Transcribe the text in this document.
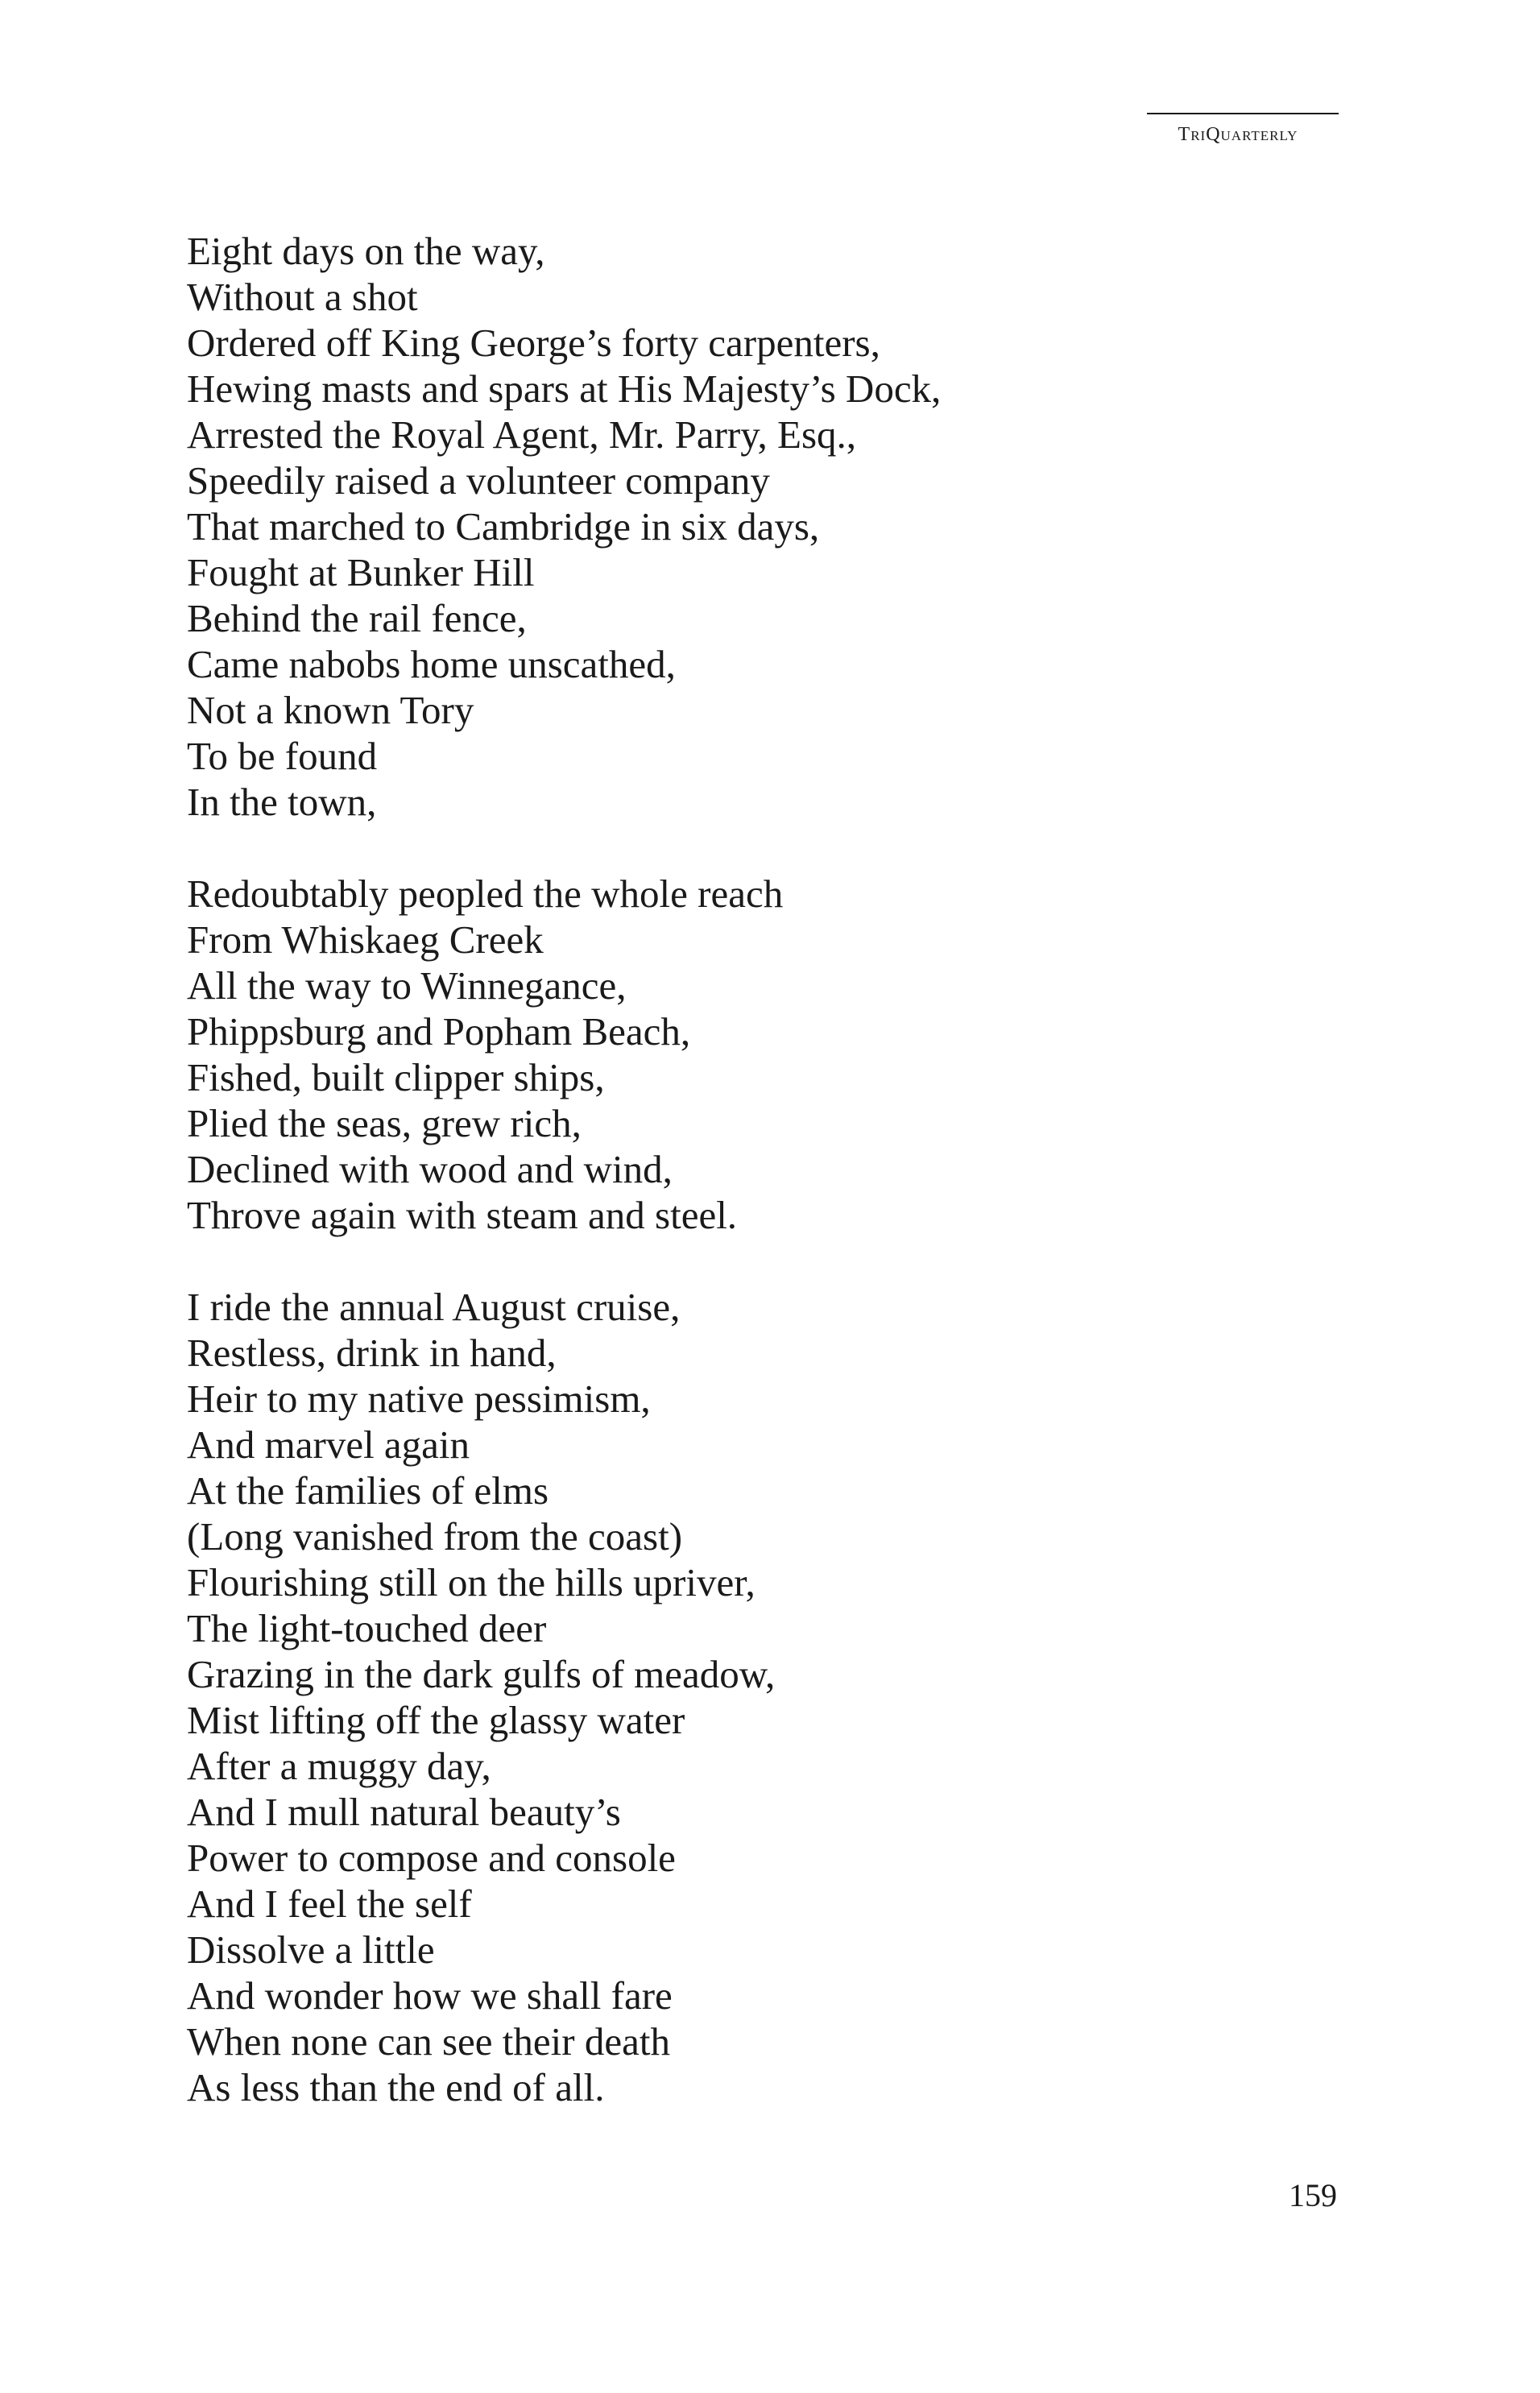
TriQuarterly
Eight days on the way,
Without a shot
Ordered off King George’s forty carpenters,
Hewing masts and spars at His Majesty’s Dock,
Arrested the Royal Agent, Mr. Parry, Esq.,
Speedily raised a volunteer company
That marched to Cambridge in six days,
Fought at Bunker Hill
Behind the rail fence,
Came nabobs home unscathed,
Not a known Tory
To be found
In the town,
Redoubtably peopled the whole reach
From Whiskaeg Creek
All the way to Winnegance,
Phippsburg and Popham Beach,
Fished, built clipper ships,
Plied the seas, grew rich,
Declined with wood and wind,
Throve again with steam and steel.
I ride the annual August cruise,
Restless, drink in hand,
Heir to my native pessimism,
And marvel again
At the families of elms
(Long vanished from the coast)
Flourishing still on the hills upriver,
The light-touched deer
Grazing in the dark gulfs of meadow,
Mist lifting off the glassy water
After a muggy day,
And I mull natural beauty’s
Power to compose and console
And I feel the self
Dissolve a little
And wonder how we shall fare
When none can see their death
As less than the end of all.
159
